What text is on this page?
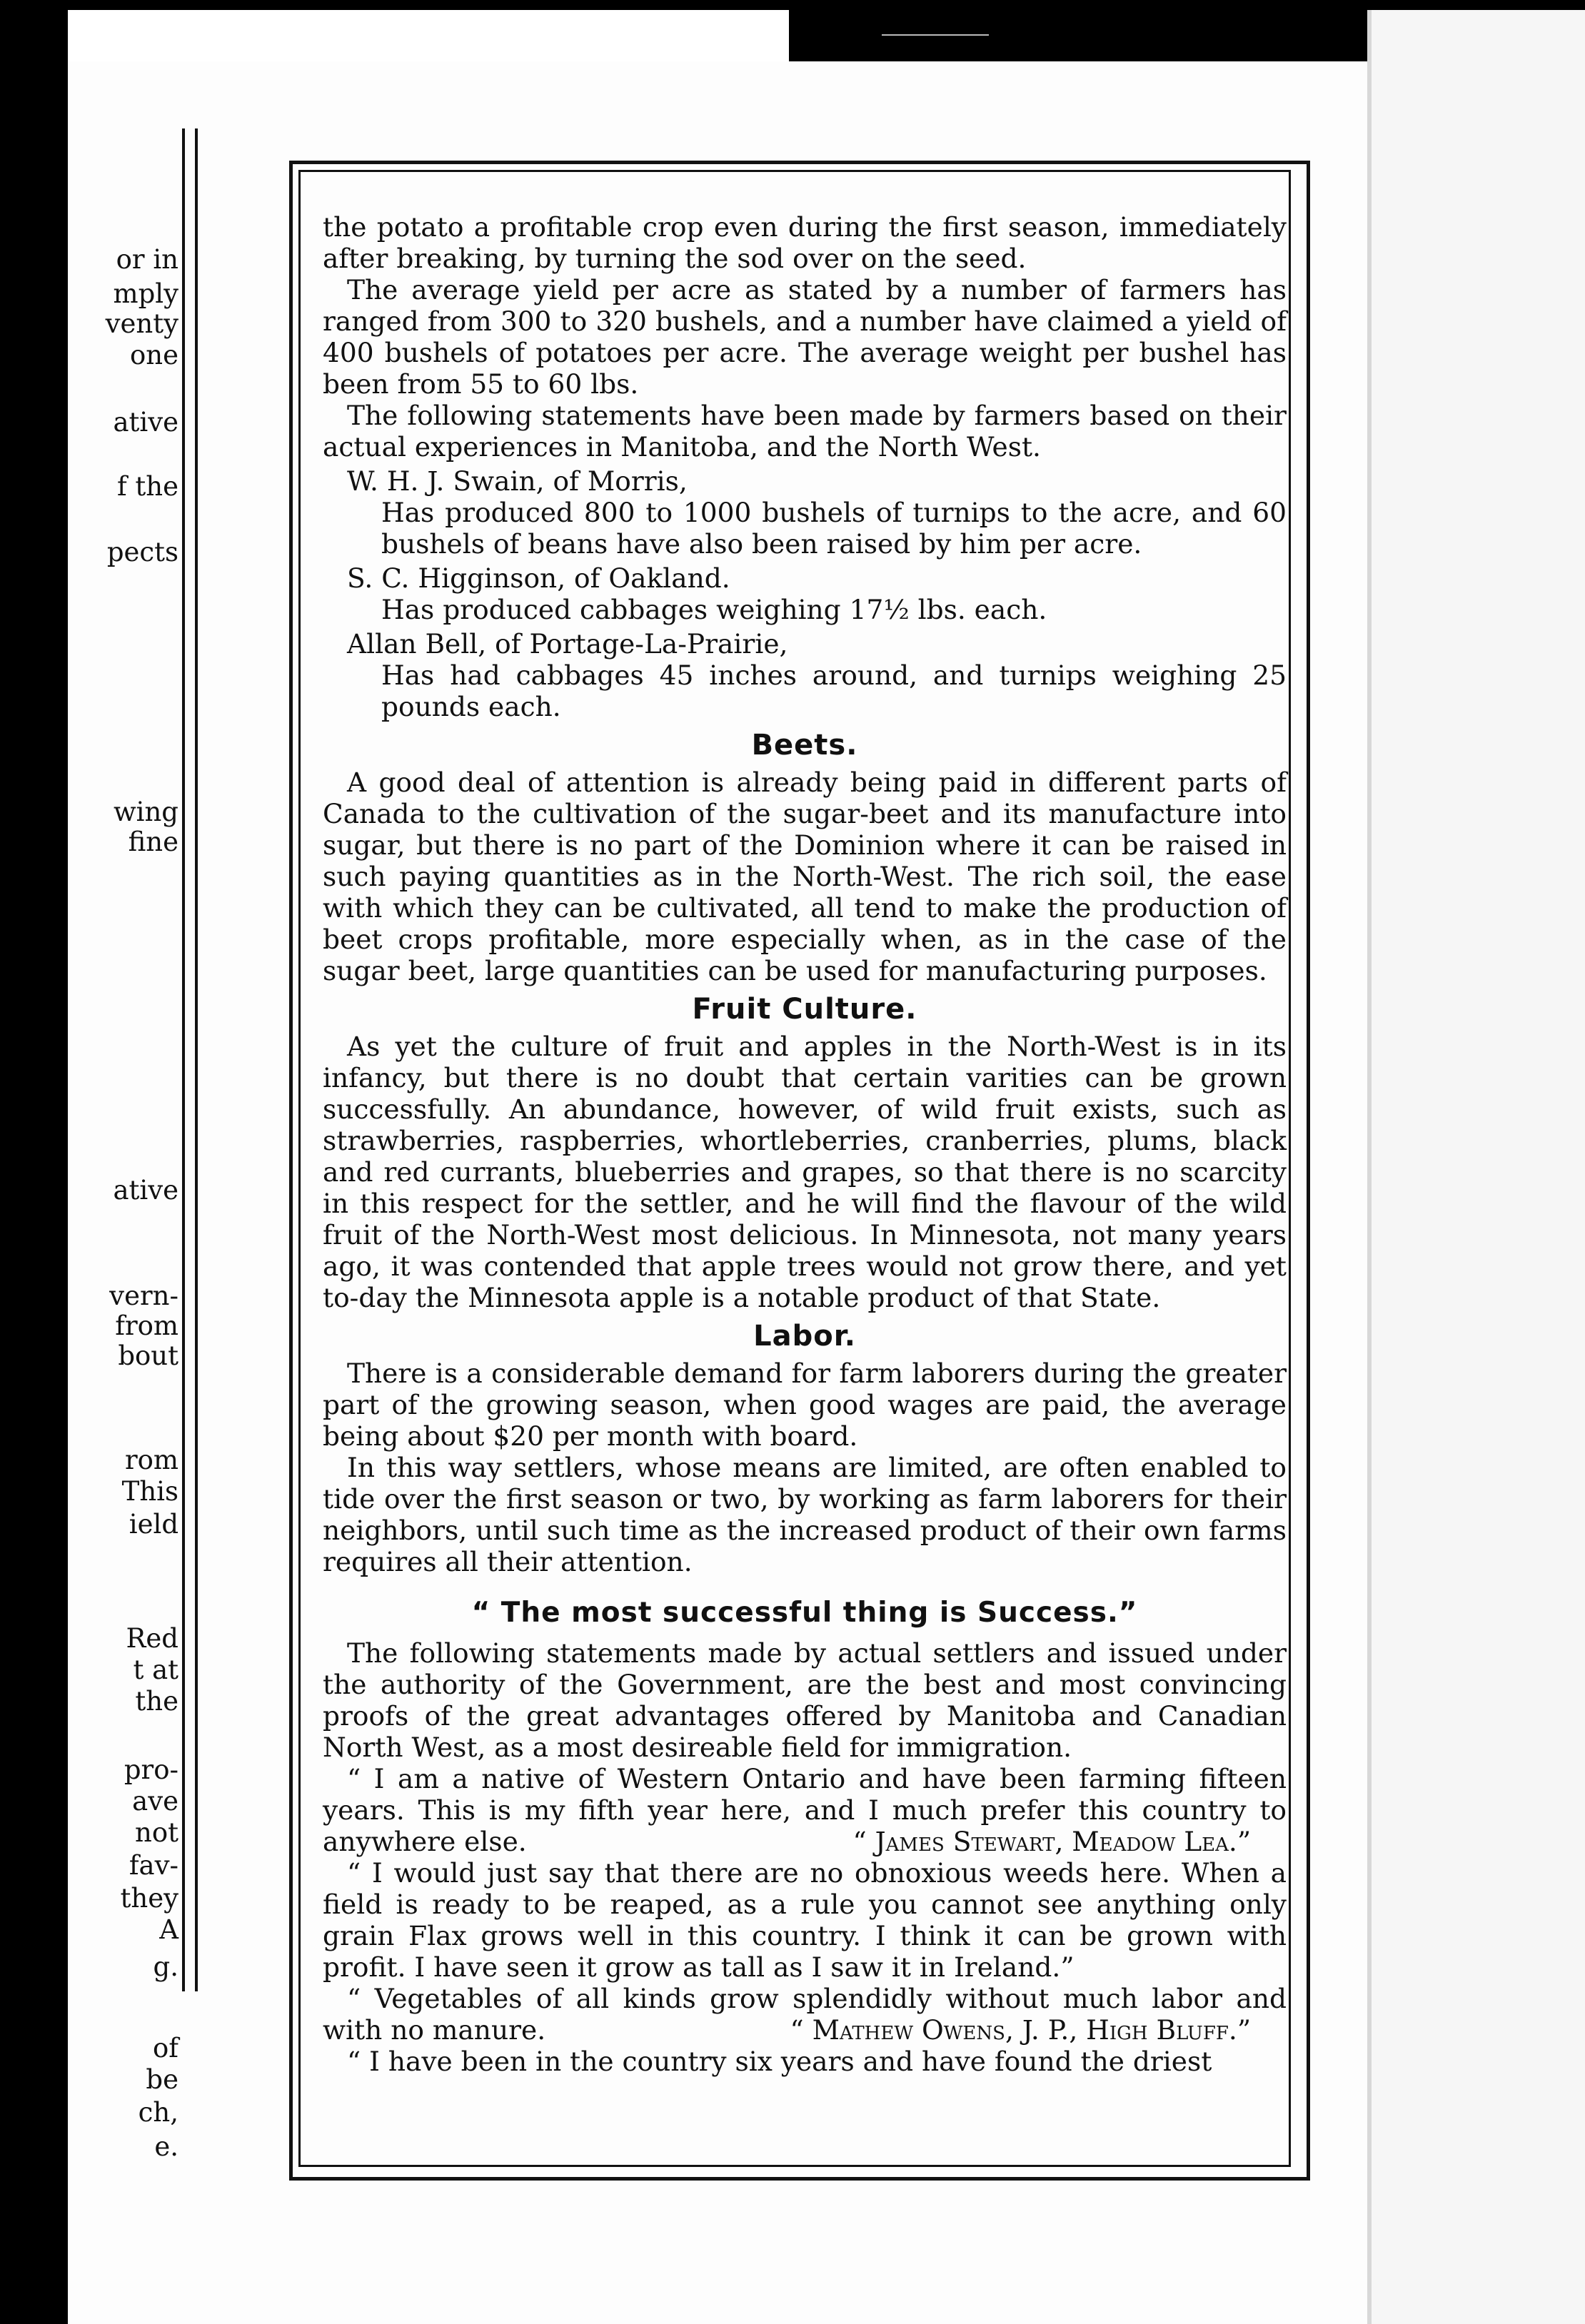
or in
mply
venty
one
ative
f the
pects
wing
fine
ative
vern-
from
bout
rom
This
ield
Red
t at
the
pro-
ave
not
fav-
they
A
g.
of
be
ch,
e.

the potato a profitable crop even during the first season, immediately after breaking, by turning the sod over on the seed.

The average yield per acre as stated by a number of farmers has ranged from 300 to 320 bushels, and a number have claimed a yield of 400 bushels of potatoes per acre. The average weight per bushel has been from 55 to 60 lbs.

The following statements have been made by farmers based on their actual experiences in Manitoba, and the North West.

W. H. J. Swain, of Morris,

Has produced 800 to 1000 bushels of turnips to the acre, and 60 bushels of beans have also been raised by him per acre.

S. C. Higginson, of Oakland.

Has produced cabbages weighing 17½ lbs. each.

Allan Bell, of Portage-La-Prairie,

Has had cabbages 45 inches around, and turnips weighing 25 pounds each.

Beets.

A good deal of attention is already being paid in different parts of Canada to the cultivation of the sugar-beet and its manufacture into sugar, but there is no part of the Dominion where it can be raised in such paying quantities as in the North-West. The rich soil, the ease with which they can be cultivated, all tend to make the production of beet crops profitable, more especially when, as in the case of the sugar beet, large quantities can be used for manufacturing purposes.

Fruit Culture.

As yet the culture of fruit and apples in the North-West is in its infancy, but there is no doubt that certain varities can be grown successfully. An abundance, however, of wild fruit exists, such as strawberries, raspberries, whortleberries, cranberries, plums, black and red currants, blueberries and grapes, so that there is no scarcity in this respect for the settler, and he will find the flavour of the wild fruit of the North-West most delicious. In Minnesota, not many years ago, it was contended that apple trees would not grow there, and yet to-day the Minnesota apple is a notable product of that State.

Labor.

There is a considerable demand for farm laborers during the greater part of the growing season, when good wages are paid, the average being about $20 per month with board.

In this way settlers, whose means are limited, are often enabled to tide over the first season or two, by working as farm laborers for their neighbors, until such time as the increased product of their own farms requires all their attention.

“ The most successful thing is Success.”

The following statements made by actual settlers and issued under the authority of the Government, are the best and most convincing proofs of the great advantages offered by Manitoba and Canadian North West, as a most desireable field for immigration.

“ I am a native of Western Ontario and have been farming fifteen years. This is my fifth year here, and I much prefer this country to anywhere else.	“ James Stewart, Meadow Lea.”

“ I would just say that there are no obnoxious weeds here. When a field is ready to be reaped, as a rule you cannot see anything only grain Flax grows well in this country. I think it can be grown with profit. I have seen it grow as tall as I saw it in Ireland.”

“ Vegetables of all kinds grow splendidly without much labor and with no manure.	“ Mathew Owens, J. P., High Bluff.”

“ I have been in the country six years and have found the driest
